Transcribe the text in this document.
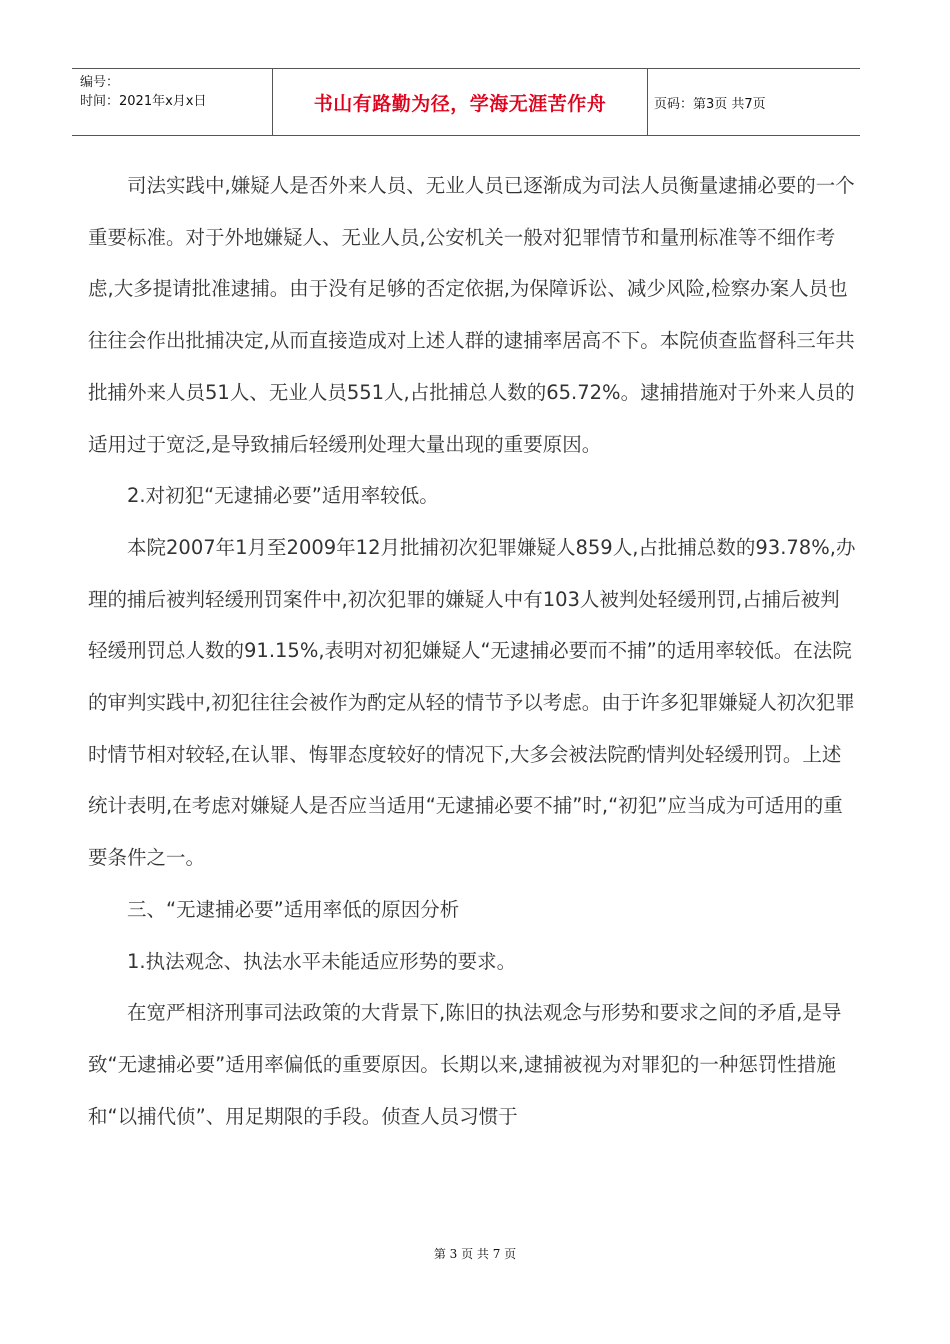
编号：
时间：2021年x月x日	书山有路勤为径，学海无涯苦作舟	页码：第3页 共7页

司法实践中,嫌疑人是否外来人员、无业人员已逐渐成为司法人员衡量逮捕必要的一个重要标准。对于外地嫌疑人、无业人员,公安机关一般对犯罪情节和量刑标准等不细作考虑,大多提请批准逮捕。由于没有足够的否定依据,为保障诉讼、减少风险,检察办案人员也往往会作出批捕决定,从而直接造成对上述人群的逮捕率居高不下。本院侦查监督科三年共批捕外来人员51人、无业人员551人,占批捕总人数的65.72%。逮捕措施对于外来人员的适用过于宽泛,是导致捕后轻缓刑处理大量出现的重要原因。

2.对初犯“无逮捕必要”适用率较低。

本院2007年1月至2009年12月批捕初次犯罪嫌疑人859人,占批捕总数的93.78%,办理的捕后被判轻缓刑罚案件中,初次犯罪的嫌疑人中有103人被判处轻缓刑罚,占捕后被判轻缓刑罚总人数的91.15%,表明对初犯嫌疑人“无逮捕必要而不捕”的适用率较低。在法院的审判实践中,初犯往往会被作为酌定从轻的情节予以考虑。由于许多犯罪嫌疑人初次犯罪时情节相对较轻,在认罪、悔罪态度较好的情况下,大多会被法院酌情判处轻缓刑罚。上述统计表明,在考虑对嫌疑人是否应当适用“无逮捕必要不捕”时,“初犯”应当成为可适用的重要条件之一。

三、“无逮捕必要”适用率低的原因分析

1.执法观念、执法水平未能适应形势的要求。

在宽严相济刑事司法政策的大背景下,陈旧的执法观念与形势和要求之间的矛盾,是导致“无逮捕必要”适用率偏低的重要原因。长期以来,逮捕被视为对罪犯的一种惩罚性措施和“以捕代侦”、用足期限的手段。侦查人员习惯于

第 3 页 共 7 页
